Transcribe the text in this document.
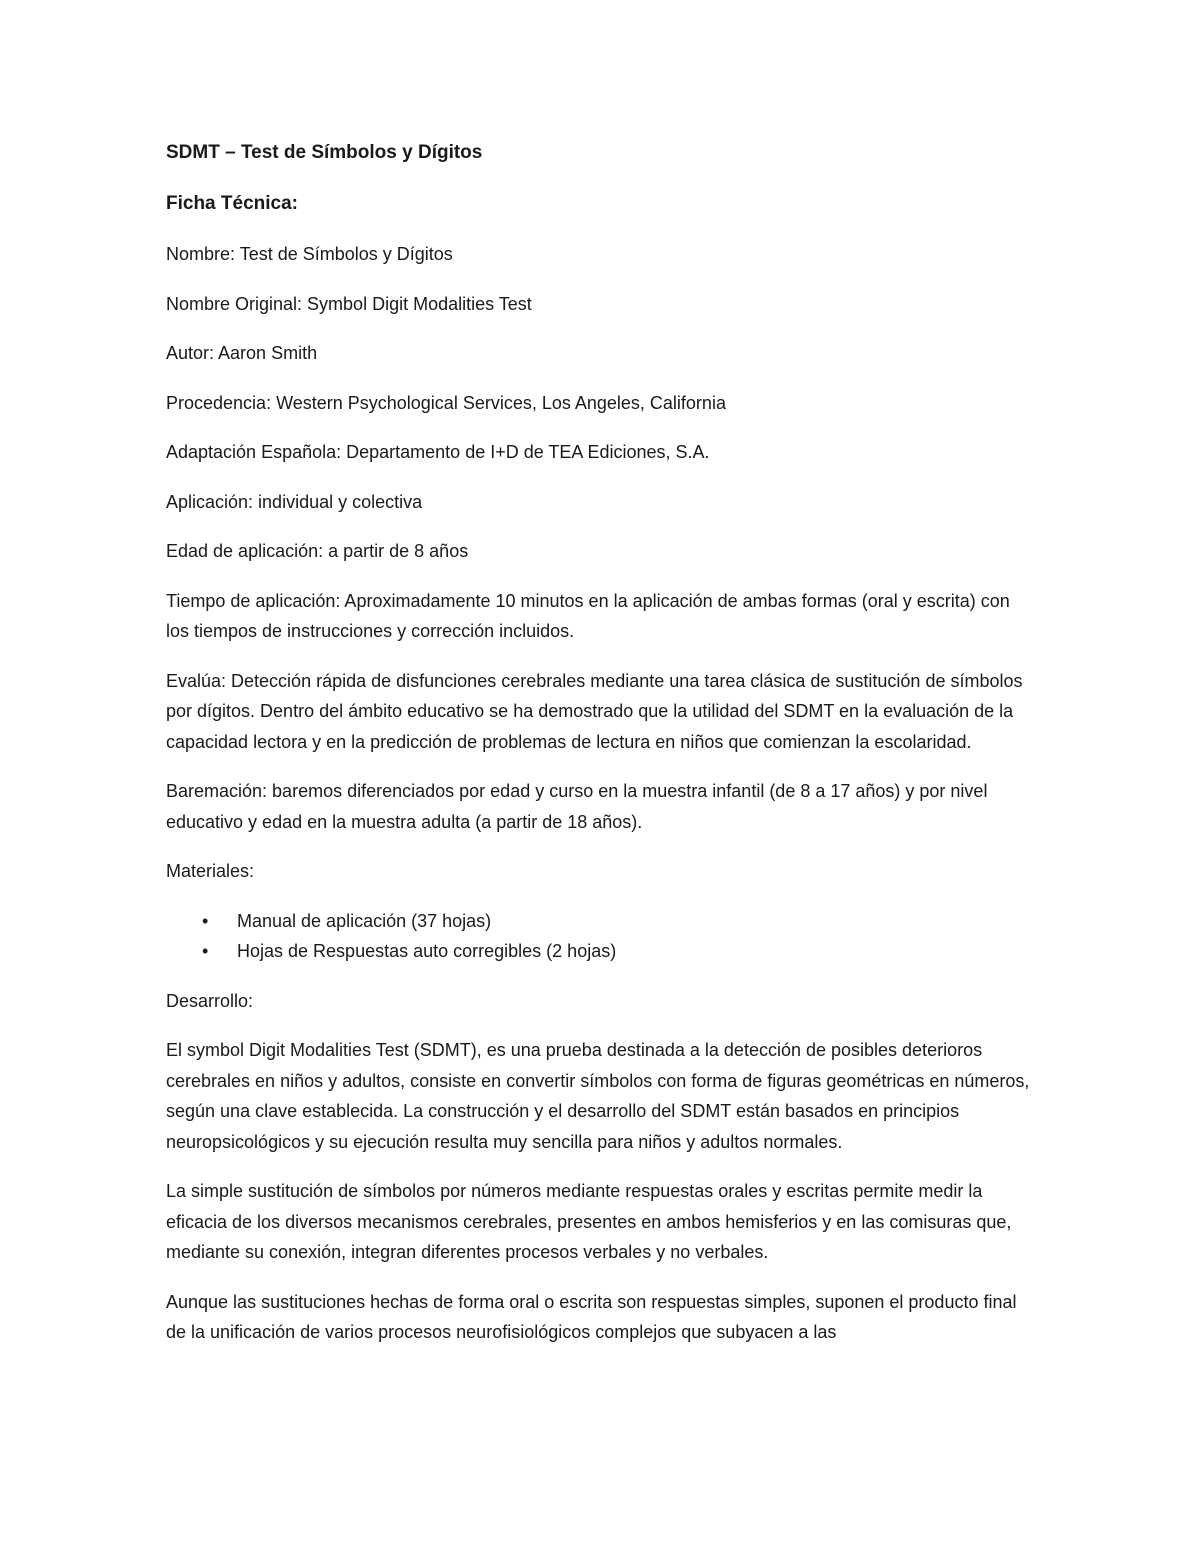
SDMT – Test de Símbolos y Dígitos
Ficha Técnica:

Nombre: Test de Símbolos y Dígitos

Nombre Original: Symbol Digit Modalities Test

Autor: Aaron Smith

Procedencia: Western Psychological Services, Los Angeles, California

Adaptación Española: Departamento de I+D de TEA Ediciones, S.A.

Aplicación: individual y colectiva

Edad de aplicación: a partir de 8 años

Tiempo de aplicación: Aproximadamente 10 minutos en la aplicación de ambas formas (oral y escrita) con los tiempos de instrucciones y corrección incluidos.

Evalúa: Detección rápida de disfunciones cerebrales mediante una tarea clásica de sustitución de símbolos por dígitos. Dentro del ámbito educativo se ha demostrado que la utilidad del SDMT en la evaluación de la capacidad lectora y en la predicción de problemas de lectura en niños que comienzan la escolaridad.

Baremación: baremos diferenciados por edad y curso en la muestra infantil (de 8 a 17 años) y por nivel educativo y edad en la muestra adulta (a partir de 18 años).

Materiales:

• Manual de aplicación (37 hojas)
• Hojas de Respuestas auto corregibles (2 hojas)

Desarrollo:

El symbol Digit Modalities Test (SDMT), es una prueba destinada a la detección de posibles deterioros cerebrales en niños y adultos, consiste en convertir símbolos con forma de figuras geométricas en números, según una clave establecida. La construcción y el desarrollo del SDMT están basados en principios neuropsicológicos y su ejecución resulta muy sencilla para niños y adultos normales.

La simple sustitución de símbolos por números mediante respuestas orales y escritas permite medir la eficacia de los diversos mecanismos cerebrales, presentes en ambos hemisferios y en las comisuras que, mediante su conexión, integran diferentes procesos verbales y no verbales.

Aunque las sustituciones hechas de forma oral o escrita son respuestas simples, suponen el producto final de la unificación de varios procesos neurofisiológicos complejos que subyacen a las
